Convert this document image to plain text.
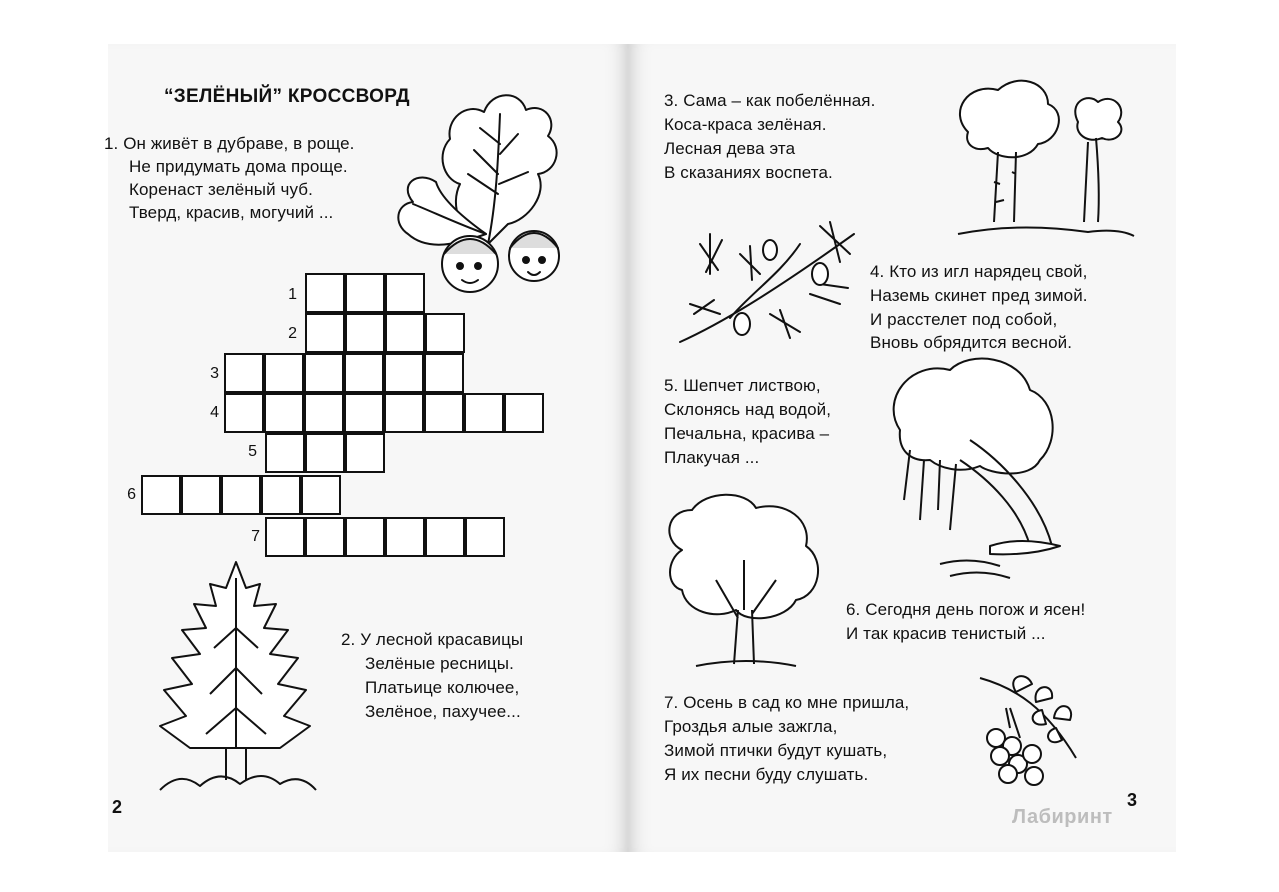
“ЗЕЛЁНЫЙ” КРОССВОРД
1. Он живёт в дубраве, в роще.
Не придумать дома проще.
Коренаст зелёный чуб.
Тверд, красив, могучий ...
2. У лесной красавицы
Зелёные ресницы.
Платьице колючее,
Зелёное, пахучее...
3. Сама – как побелённая.
Коса-краса зелёная.
Лесная дева эта
В сказаниях воспета.
4. Кто из игл нарядец свой,
Наземь скинет пред зимой.
И расстелет под собой,
Вновь обрядится весной.
5. Шепчет листвою,
Склонясь над водой,
Печальна, красива –
Плакучая ...
6. Сегодня день погож и ясен!
И так красив тенистый ...
7. Осень в сад ко мне пришла,
Гроздья алые зажгла,
Зимой птички будут кушать,
Я их песни буду слушать.
2	3
Лабиринт
1
2
3
4
5
6
7
